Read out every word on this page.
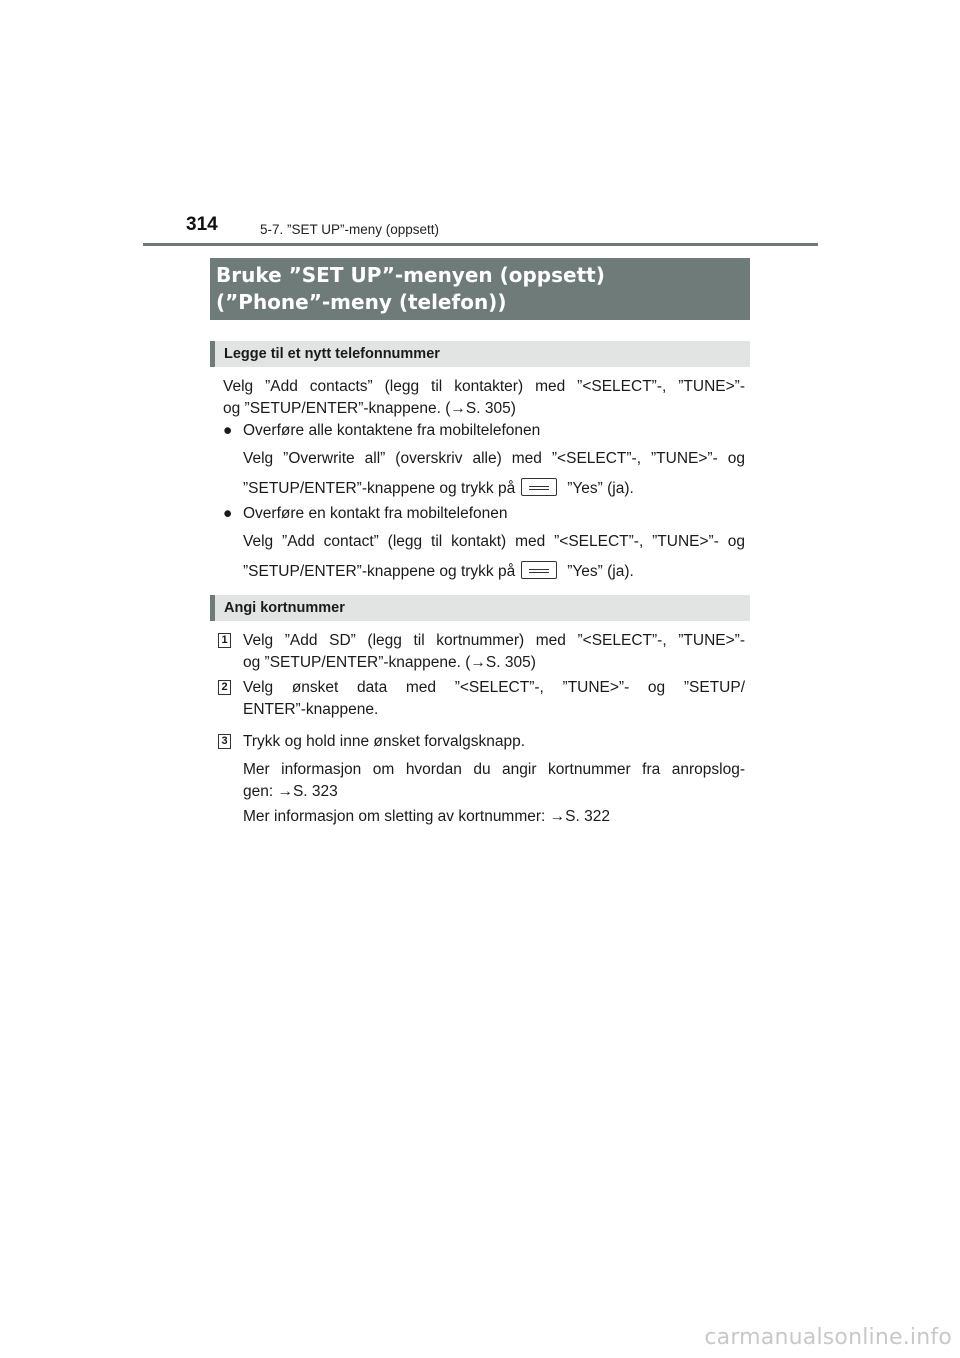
314	5-7. ”SET UP”-meny (oppsett)
Bruke ”SET UP”-menyen (oppsett)
(”Phone”-meny (telefon))
Legge til et nytt telefonnummer
Velg ”Add contacts” (legg til kontakter) med ”<SELECT”-, ”TUNE>”-
og ”SETUP/ENTER”-knappene. (→S. 305)
● Overføre alle kontaktene fra mobiltelefonen
Velg ”Overwrite all” (overskriv alle) med ”<SELECT”-, ”TUNE>”- og
”SETUP/ENTER”-knappene og trykk på	”Yes” (ja).
● Overføre en kontakt fra mobiltelefonen
Velg ”Add contact” (legg til kontakt) med ”<SELECT”-, ”TUNE>”- og
”SETUP/ENTER”-knappene og trykk på	”Yes” (ja).
Angi kortnummer
1 Velg ”Add SD” (legg til kortnummer) med ”<SELECT”-, ”TUNE>”-
og ”SETUP/ENTER”-knappene. (→S. 305)
2 Velg ønsket data med ”<SELECT”-, ”TUNE>”- og ”SETUP/
ENTER”-knappene.
3 Trykk og hold inne ønsket forvalgsknapp.
Mer informasjon om hvordan du angir kortnummer fra anropslog-
gen: →S. 323
Mer informasjon om sletting av kortnummer: →S. 322
carmanualsonline.info
